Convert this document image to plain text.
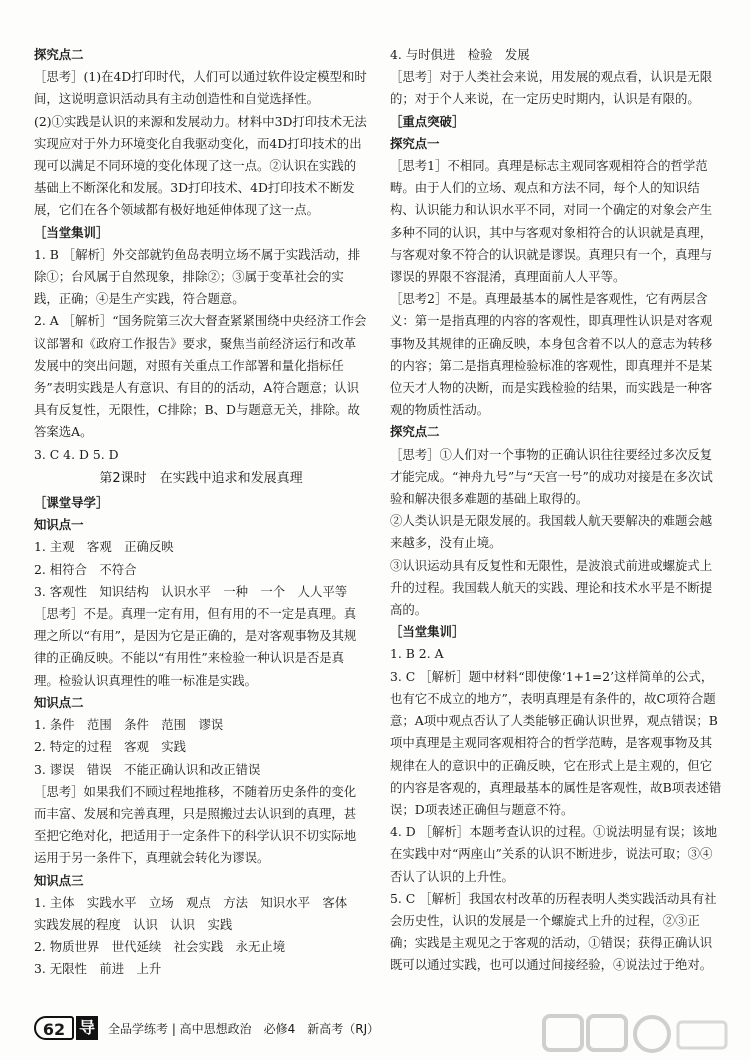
探究点二

［思考］(1)在4D打印时代，人们可以通过软件设定模型和时间，这说明意识活动具有主动创造性和自觉选择性。

(2)①实践是认识的来源和发展动力。材料中3D打印技术无法实现应对于外力环境变化自我驱动变化，而4D打印技术的出现可以满足不同环境的变化体现了这一点。②认识在实践的基础上不断深化和发展。3D打印技术、4D打印技术不断发展，它们在各个领域都有极好地延伸体现了这一点。

［当堂集训］

1. B ［解析］外交部就钓鱼岛表明立场不属于实践活动，排除①；台风属于自然现象，排除②；③属于变革社会的实践，正确；④是生产实践，符合题意。

2. A ［解析］“国务院第三次大督查紧紧围绕中央经济工作会议部署和《政府工作报告》要求，聚焦当前经济运行和改革发展中的突出问题，对照有关重点工作部署和量化指标任务”表明实践是人有意识、有目的的活动，A符合题意；认识具有反复性，无限性，C排除；B、D与题意无关，排除。故答案选A。

3. C 4. D 5. D

第2课时　在实践中追求和发展真理
［课堂导学］
知识点一

1. 主观　客观　正确反映

2. 相符合　不符合

3. 客观性　知识结构　认识水平　一种　一个　人人平等

［思考］不是。真理一定有用，但有用的不一定是真理。真理之所以“有用”，是因为它是正确的，是对客观事物及其规律的正确反映。不能以“有用性”来检验一种认识是否是真理。检验认识真理性的唯一标准是实践。

知识点二

1. 条件　范围　条件　范围　谬误

2. 特定的过程　客观　实践

3. 谬误　错误　不能正确认识和改正错误

［思考］如果我们不顾过程地推移，不随着历史条件的变化而丰富、发展和完善真理，只是照搬过去认识到的真理，甚至把它绝对化，把适用于一定条件下的科学认识不切实际地运用于另一条件下，真理就会转化为谬误。

知识点三

1. 主体　实践水平　立场　观点　方法　知识水平　客体　实践发展的程度　认识　认识　实践

2. 物质世界　世代延续　社会实践　永无止境

3. 无限性　前进　上升

4. 与时俱进　检验　发展

［思考］对于人类社会来说，用发展的观点看，认识是无限的；对于个人来说，在一定历史时期内，认识是有限的。

［重点突破］
探究点一

［思考1］不相同。真理是标志主观同客观相符合的哲学范畴。由于人们的立场、观点和方法不同，每个人的知识结构、认识能力和认识水平不同，对同一个确定的对象会产生多种不同的认识，其中与客观对象相符合的认识就是真理，与客观对象不符合的认识就是谬误。真理只有一个，真理与谬误的界限不容混淆，真理面前人人平等。

［思考2］不是。真理最基本的属性是客观性，它有两层含义：第一是指真理的内容的客观性，即真理性认识是对客观事物及其规律的正确反映，本身包含着不以人的意志为转移的内容；第二是指真理检验标准的客观性，即真理并不是某位天才人物的决断，而是实践检验的结果，而实践是一种客观的物质性活动。

探究点二

［思考］①人们对一个事物的正确认识往往要经过多次反复才能完成。“神舟九号”与“天宫一号”的成功对接是在多次试验和解决很多难题的基础上取得的。

②人类认识是无限发展的。我国载人航天要解决的难题会越来越多，没有止境。

③认识运动具有反复性和无限性，是波浪式前进或螺旋式上升的过程。我国载人航天的实践、理论和技术水平是不断提高的。

［当堂集训］

1. B 2. A

3. C ［解析］题中材料“即使像‘1+1=2’这样简单的公式，也有它不成立的地方”，表明真理是有条件的，故C项符合题意；A项中观点否认了人类能够正确认识世界，观点错误；B项中真理是主观同客观相符合的哲学范畴，是客观事物及其规律在人的意识中的正确反映，它在形式上是主观的，但它的内容是客观的，真理最基本的属性是客观性，故B项表述错误；D项表述正确但与题意不符。

4. D ［解析］本题考查认识的过程。①说法明显有误；该地在实践中对“两座山”关系的认识不断进步，说法可取；③④否认了认识的上升性。

5. C ［解析］我国农村改革的历程表明人类实践活动具有社会历史性，认识的发展是一个螺旋式上升的过程，②③正确；实践是主观见之于客观的活动，①错误；获得正确认识既可以通过实践，也可以通过间接经验，④说法过于绝对。

62 导 全品学练考 | 高中思想政治　必修4　新高考（RJ）
